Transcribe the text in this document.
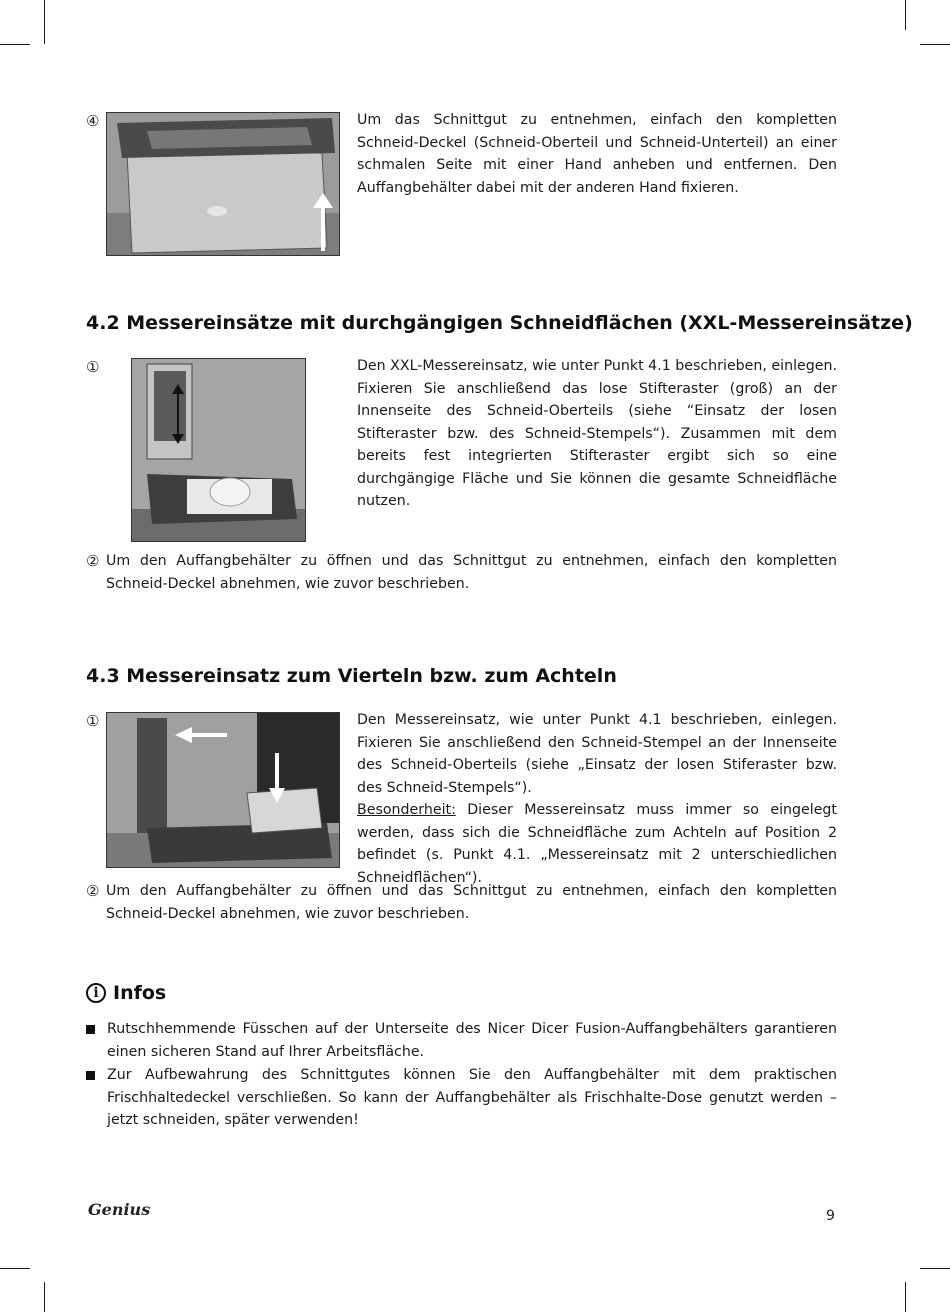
④	Um das Schnittgut zu entnehmen, einfach den kompletten Schneid-Deckel (Schneid-Oberteil und Schneid-Unterteil) an einer schmalen Seite mit einer Hand anheben und entfernen. Den Auffangbehälter dabei mit der anderen Hand fixieren.

4.2 Messereinsätze mit durchgängigen Schneidflächen (XXL-Messereinsätze)
①	Den XXL-Messereinsatz, wie unter Punkt 4.1 beschrieben, einlegen. Fixieren Sie anschließend das lose Stifteraster (groß) an der Innenseite des Schneid-Oberteils (siehe “Einsatz der losen Stifteraster bzw. des Schneid-Stempels“). Zusammen mit dem bereits fest integrierten Stifteraster ergibt sich so eine durchgängige Fläche und Sie können die gesamte Schneidfläche nutzen.

② Um den Auffangbehälter zu öffnen und das Schnittgut zu entnehmen, einfach den kompletten Schneid-Deckel abnehmen, wie zuvor beschrieben.

4.3 Messereinsatz zum Vierteln bzw. zum Achteln
①	Den Messereinsatz, wie unter Punkt 4.1 beschrieben, einlegen. Fixieren Sie anschließend den Schneid-Stempel an der Innenseite des Schneid-Oberteils (siehe „Einsatz der losen Stiferaster bzw. des Schneid-Stempels“).
Besonderheit: Dieser Messereinsatz muss immer so eingelegt werden, dass sich die Schneidfläche zum Achteln auf Position 2 befindet (s. Punkt 4.1. „Messereinsatz mit 2 unterschiedlichen Schneidflächen“).

② Um den Auffangbehälter zu öffnen und das Schnittgut zu entnehmen, einfach den kompletten Schneid-Deckel abnehmen, wie zuvor beschrieben.

i Infos

Rutschhemmende Füsschen auf der Unterseite des Nicer Dicer Fusion-Auffangbehälters garantieren einen sicheren Stand auf Ihrer Arbeitsfläche.

Zur Aufbewahrung des Schnittgutes können Sie den Auffangbehälter mit dem praktischen Frischhaltedeckel verschließen. So kann der Auffangbehälter als Frischhalte-Dose genutzt werden – jetzt schneiden, später verwenden!

Genius	9
